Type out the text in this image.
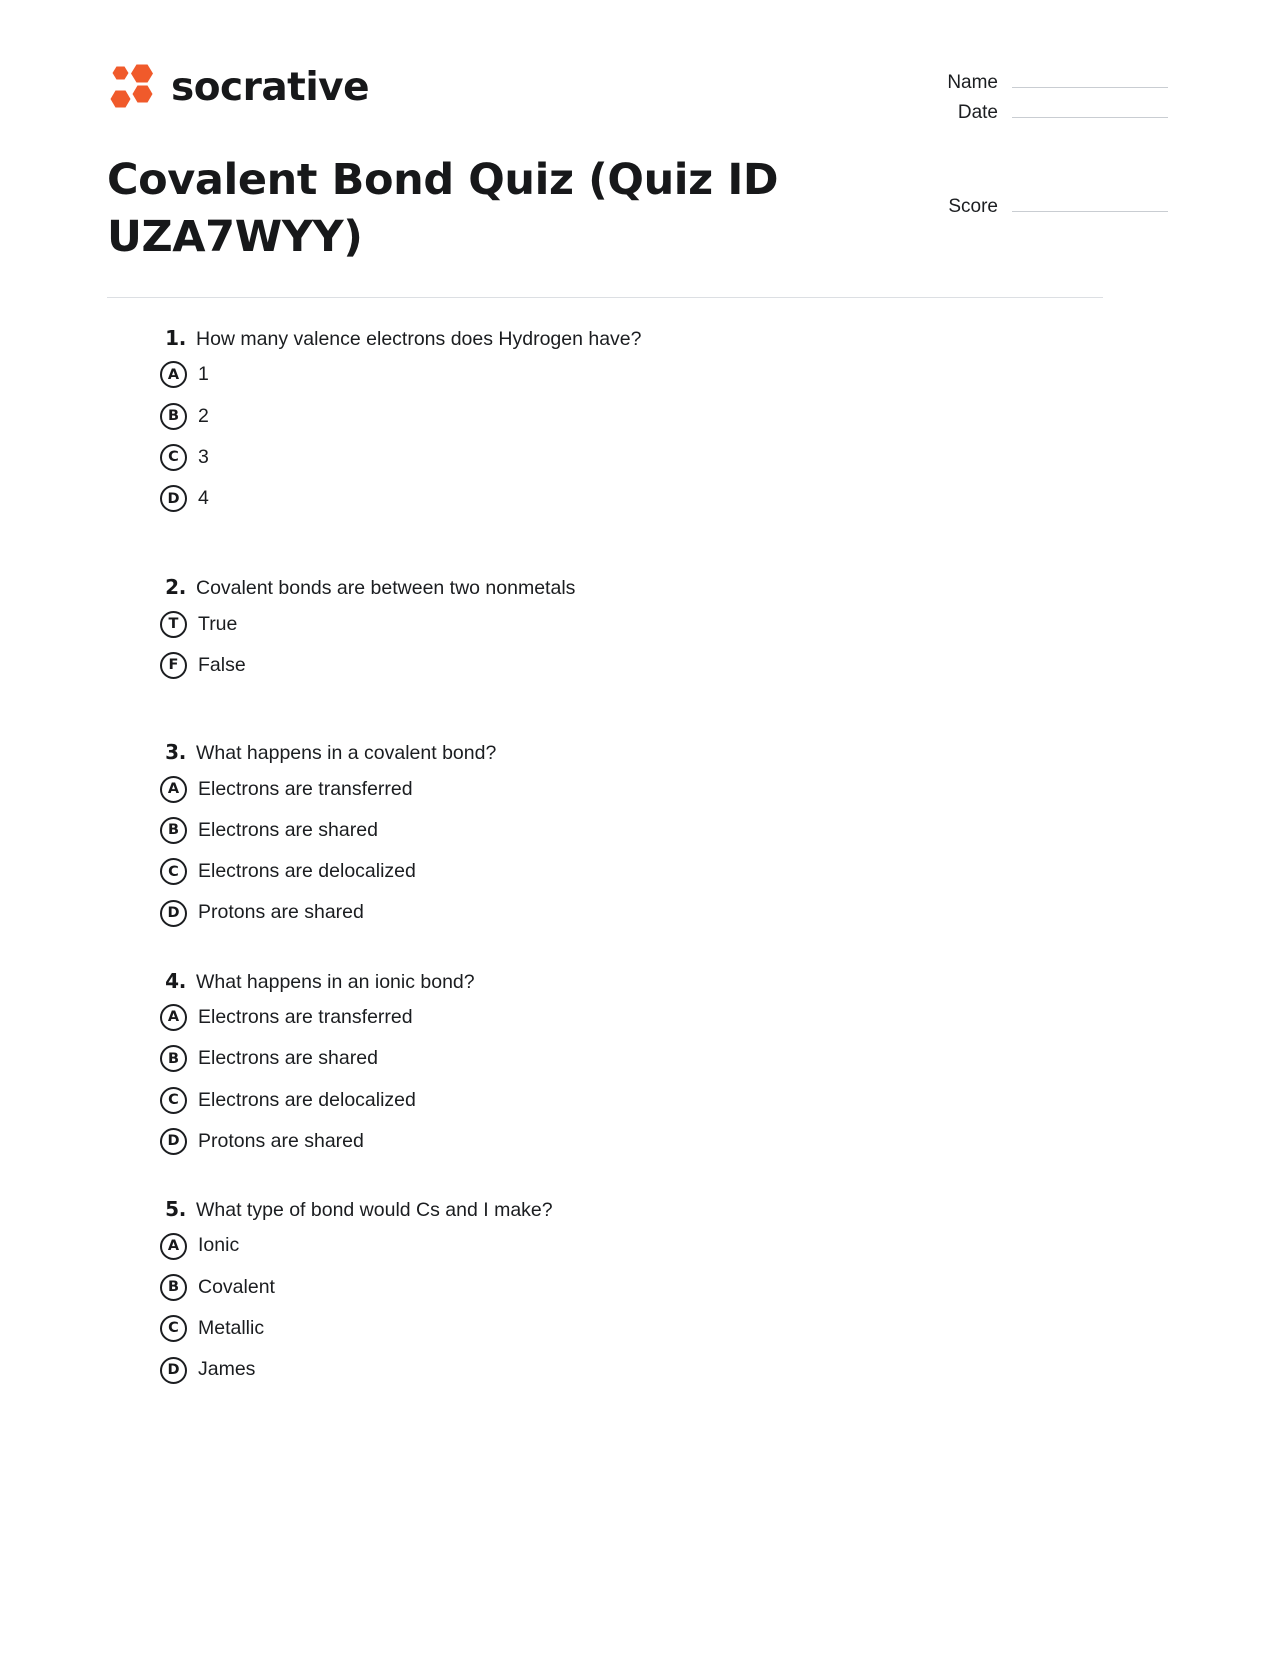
socrative	Name
Date
Score
Covalent Bond Quiz (Quiz ID UZA7WYY)
1. How many valence electrons does Hydrogen have?
A 1
B 2
C 3
D 4
2. Covalent bonds are between two nonmetals
T	True
F	False
3. What happens in a covalent bond?
A Electrons are transferred
B Electrons are shared
C Electrons are delocalized
D Protons are shared
4. What happens in an ionic bond?
A Electrons are transferred
B Electrons are shared
C Electrons are delocalized
D Protons are shared
5. What type of bond would Cs and I make?
A Ionic
B Covalent
C Metallic
D James
